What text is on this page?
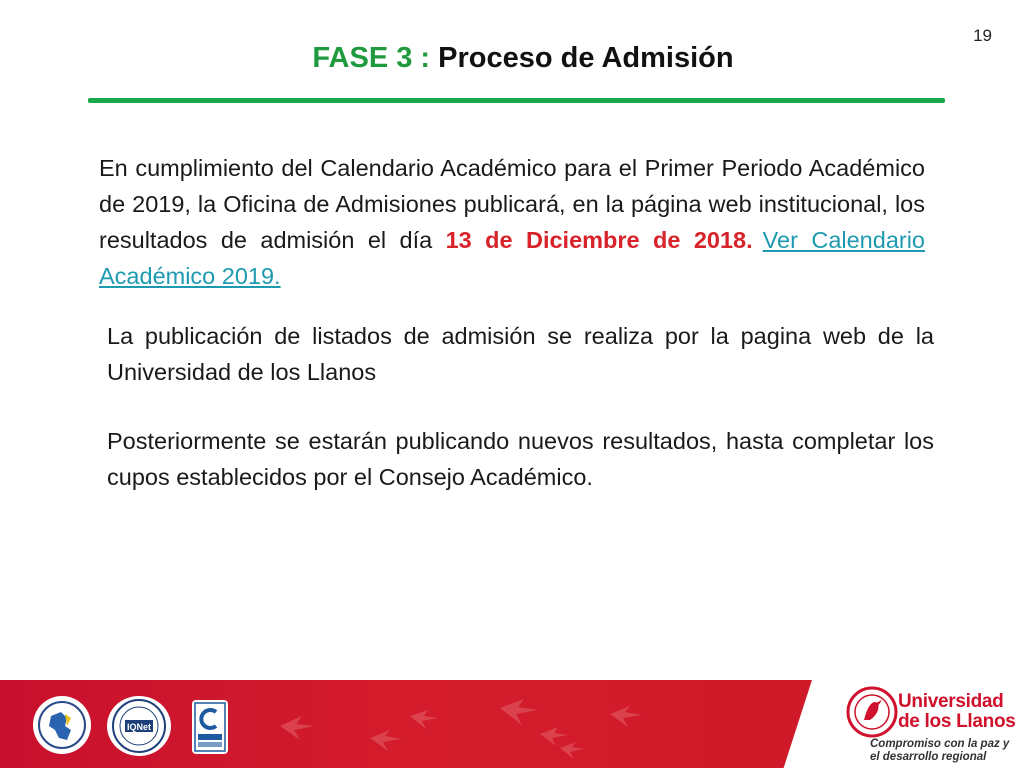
19
FASE 3 : Proceso de Admisión

En cumplimiento del Calendario Académico para el Primer Periodo Académico de 2019, la Oficina de Admisiones publicará, en la página web institucional, los resultados de admisión el día 13 de Diciembre de 2018. Ver Calendario Académico 2019.

La publicación de listados de admisión se realiza por la pagina web de la Universidad de los Llanos

Posteriormente se estarán publicando nuevos resultados, hasta completar los cupos establecidos por el Consejo Académico.

IQNet
Universidad
de los Llanos
Compromiso con la paz y
el desarrollo regional
